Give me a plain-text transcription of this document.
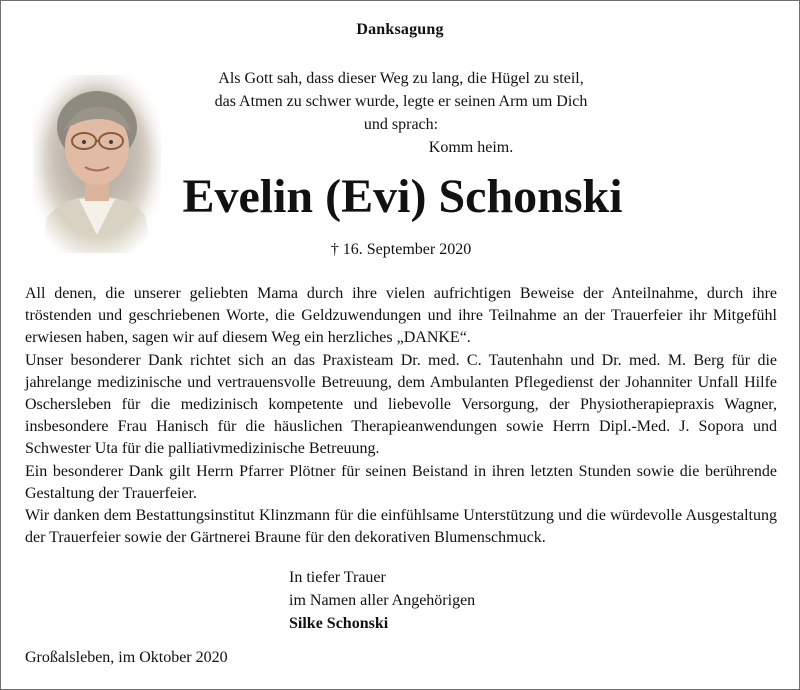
Danksagung
Als Gott sah, dass dieser Weg zu lang, die Hügel zu steil,
das Atmen zu schwer wurde, legte er seinen Arm um Dich
und sprach:
Komm heim.
Evelin (Evi) Schonski
† 16. September 2020

All denen, die unserer geliebten Mama durch ihre vielen aufrichtigen Beweise der Anteilnahme, durch ihre tröstenden und geschriebenen Worte, die Geldzuwendungen und ihre Teilnahme an der Trauerfeier ihr Mitgefühl erwiesen haben, sagen wir auf diesem Weg ein herzliches „DANKE“.

Unser besonderer Dank richtet sich an das Praxisteam Dr. med. C. Tautenhahn und Dr. med. M. Berg für die jahrelange medizinische und vertrauensvolle Betreuung, dem Ambulanten Pflegedienst der Johanniter Unfall Hilfe Oschersleben für die medizinisch kompetente und liebevolle Versorgung, der Physiotherapiepraxis Wagner, insbesondere Frau Hanisch für die häuslichen Therapieanwendungen sowie Herrn Dipl.-Med. J. Sopora und Schwester Uta für die palliativmedizinische Betreuung.

Ein besonderer Dank gilt Herrn Pfarrer Plötner für seinen Beistand in ihren letzten Stunden sowie die berührende Gestaltung der Trauerfeier.

Wir danken dem Bestattungsinstitut Klinzmann für die einfühlsame Unterstützung und die würdevolle Ausgestaltung der Trauerfeier sowie der Gärtnerei Braune für den dekorativen Blumenschmuck.

In tiefer Trauer
im Namen aller Angehörigen
Silke Schonski
Großalsleben, im Oktober 2020
